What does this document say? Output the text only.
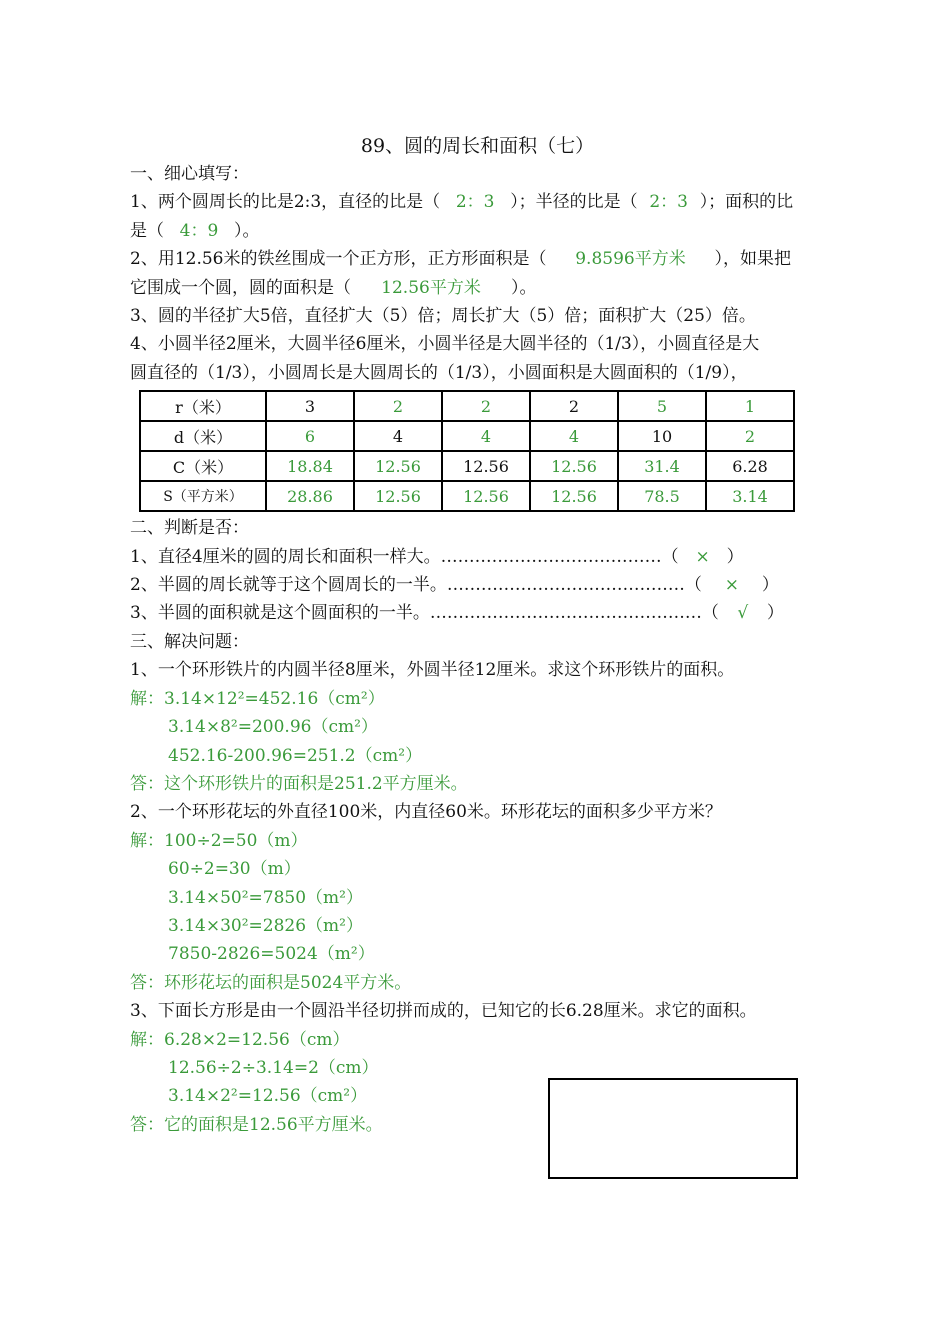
89、圆的周长和面积（七）
一、细心填写：
1、两个圆周长的比是2:3，直径的比是（ 2：3 ）；半径的比是（ 2：3 ）；面积的比
是（ 4：9 ）。
2、用12.56米的铁丝围成一个正方形，正方形面积是（ 9.8596平方米 ），如果把
它围成一个圆，圆的面积是（ 12.56平方米 ）。
3、圆的半径扩大5倍，直径扩大（5）倍；周长扩大（5）倍；面积扩大（25）倍。
4、小圆半径2厘米，大圆半径6厘米，小圆半径是大圆半径的（1/3），小圆直径是大
圆直径的（1/3），小圆周长是大圆周长的（1/3），小圆面积是大圆面积的（1/9），
r（米）	3	2	2	2	5	1
d（米）	6	4	4	4	10	2
C（米）	18.84	12.56	12.56	12.56	31.4	6.28
S（平方米）	28.86	12.56	12.56	12.56	78.5	3.14
二、判断是否：
1、直径4厘米的圆的周长和面积一样大。…………………………………（ × ）
2、半圆的周长就等于这个圆周长的一半。……………………………………（ × ）
3、半圆的面积就是这个圆面积的一半。…………………………………………（ √ ）
三、解决问题：
1、一个环形铁片的内圆半径8厘米，外圆半径12厘米。求这个环形铁片的面积。
解：3.14×12²=452.16（cm²）
3.14×8²=200.96（cm²）
452.16-200.96=251.2（cm²）
答：这个环形铁片的面积是251.2平方厘米。
2、一个环形花坛的外直径100米，内直径60米。环形花坛的面积多少平方米？
解：100÷2=50（m）
60÷2=30（m）
3.14×50²=7850（m²）
3.14×30²=2826（m²）
7850-2826=5024（m²）
答：环形花坛的面积是5024平方米。
3、下面长方形是由一个圆沿半径切拼而成的，已知它的长6.28厘米。求它的面积。
解：6.28×2=12.56（cm）
12.56÷2÷3.14=2（cm）
3.14×2²=12.56（cm²）
答：它的面积是12.56平方厘米。
